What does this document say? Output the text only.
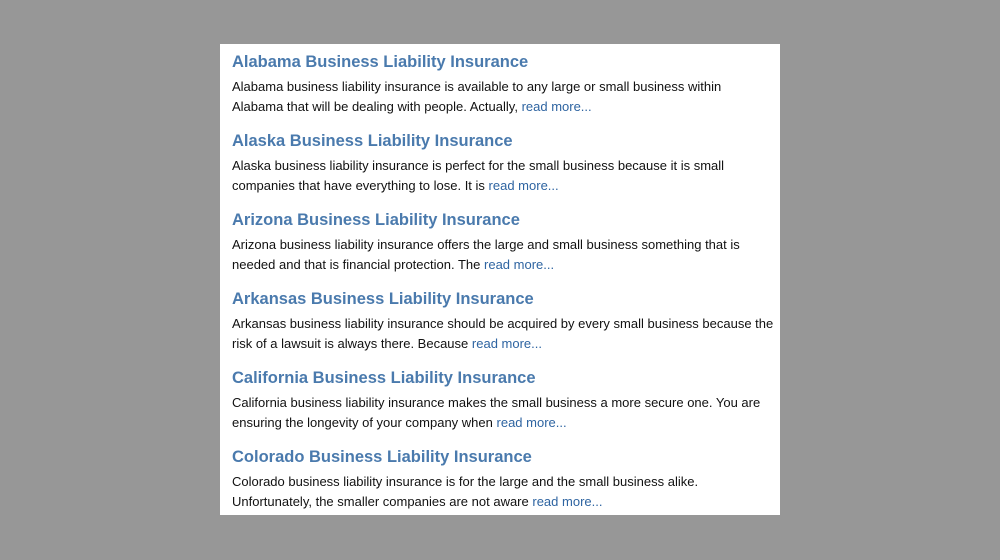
Alabama Business Liability Insurance

Alabama business liability insurance is available to any large or small business within Alabama that will be dealing with people. Actually, read more...

Alaska Business Liability Insurance

Alaska business liability insurance is perfect for the small business because it is small companies that have everything to lose. It is read more...

Arizona Business Liability Insurance

Arizona business liability insurance offers the large and small business something that is needed and that is financial protection. The read more...

Arkansas Business Liability Insurance

Arkansas business liability insurance should be acquired by every small business because the risk of a lawsuit is always there. Because read more...

California Business Liability Insurance

California business liability insurance makes the small business a more secure one. You are ensuring the longevity of your company when read more...

Colorado Business Liability Insurance

Colorado business liability insurance is for the large and the small business alike. Unfortunately, the smaller companies are not aware read more...
